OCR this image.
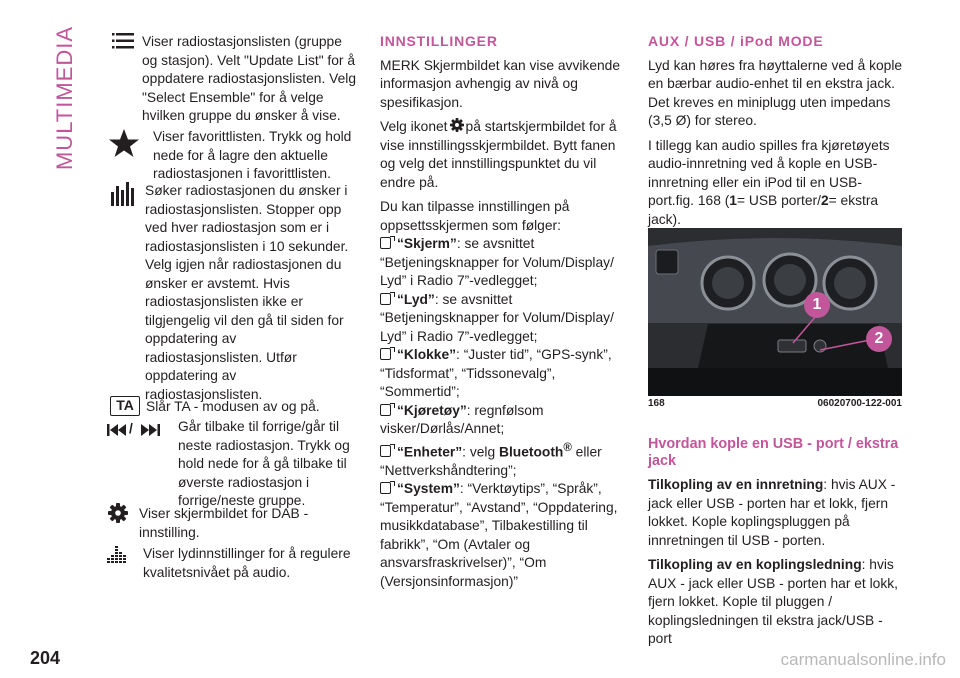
MULTIMEDIA	Viser radiostasjonslisten (gruppe og stasjon). Velt "Update List" for å oppdatere radiostasjonslisten. Velg "Select Ensemble" for å velge hvilken gruppe du ønsker å vise.
Viser favorittlisten. Trykk og hold nede for å lagre den aktuelle radiostasjonen i favorittlisten.
Søker radiostasjonen du ønsker i radiostasjonslisten. Stopper opp ved hver radiostasjon som er i radiostasjonslisten i 10 sekunder. Velg igjen når radiostasjonen du ønsker er avstemt. Hvis radiostasjonslisten ikke er tilgjengelig vil den gå til siden for oppdatering av radiostasjonslisten. Utfør oppdatering av radiostasjonslisten.
TA Slår TA - modusen av og på.
/	Går tilbake til forrige/går til neste radiostasjon. Trykk og hold nede for å gå tilbake til øverste radiostasjon i forrige/neste gruppe.
Viser skjermbildet for DAB - innstilling.
Viser lydinnstillinger for å regulere kvalitetsnivået på audio.
INNSTILLINGER

MERK Skjermbildet kan vise avvikende informasjon avhengig av nivå og spesifikasjon.

Velg ikonet på startskjermbildet for å vise innstillingsskjermbildet. Bytt fanen og velg det innstillingspunktet du vil endre på.

Du kan tilpasse innstillingen på oppsettsskjermen som følger:
“Skjerm”: se avsnittet “Betjeningsknapper for Volum/Display/ Lyd” i Radio 7”-vedlegget;
“Lyd”: se avsnittet “Betjeningsknapper for Volum/Display/ Lyd” i Radio 7”-vedlegget;
“Klokke”: “Juster tid”, “GPS-synk”, “Tidsformat”, “Tidssonevalg”, “Sommertid”;
“Kjøretøy”: regnfølsom visker/Dørlås/Annet;
“Enheter”: velg Bluetooth® eller “Nettverkshåndtering”;
“System”: “Verktøytips”, “Språk”, “Temperatur”, “Avstand”, “Oppdatering, musikkdatabase”, Tilbakestilling til fabrikk”, “Om (Avtaler og ansvarsfraskrivelser)”, “Om (Versjonsinformasjon)”
AUX / USB / iPod MODE

Lyd kan høres fra høyttalerne ved å kople en bærbar audio-enhet til en ekstra jack. Det kreves en miniplugg uten impedans (3,5 Ø) for stereo.

I tillegg kan audio spilles fra kjøretøyets audio-innretning ved å kople en USB-innretning eller ein iPod til en USB-port.fig. 168 (1= USB porter/2= ekstra jack).

1
2
168	06020700-122-001
Hvordan kople en USB - port / ekstra jack

Tilkopling av en innretning: hvis AUX - jack eller USB - porten har et lokk, fjern lokket. Kople koplingspluggen på innretningen til USB - porten.

Tilkopling av en koplingsledning: hvis AUX - jack eller USB - porten har et lokk, fjern lokket. Kople til pluggen / koplingsledningen til ekstra jack/USB - port

204	carmanualsonline.info
